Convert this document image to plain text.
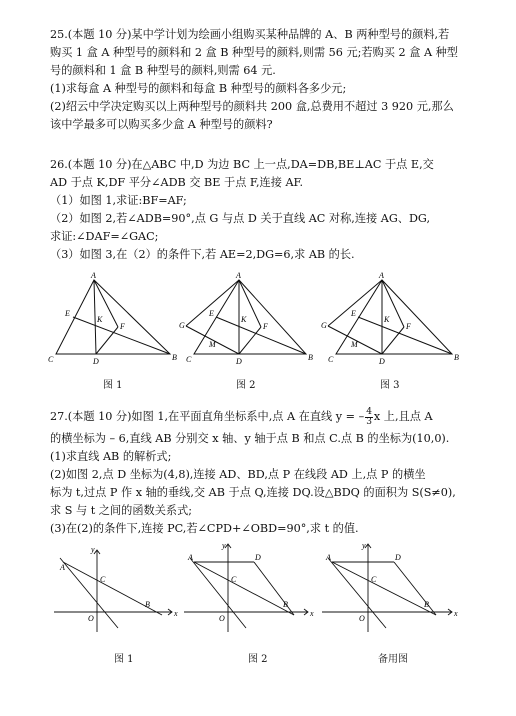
25.(本题 10 分)某中学计划为绘画小组购买某种品牌的 A、B 两种型号的颜料,若
购买 1 盒 A 种型号的颜料和 2 盒 B 种型号的颜料,则需 56 元;若购买 2 盒 A 种型
号的颜料和 1 盒 B 种型号的颜料,则需 64 元.
(1)求每盒 A 种型号的颜料和每盒 B 种型号的颜料各多少元;
(2)绍云中学决定购买以上两种型号的颜料共 200 盒,总费用不超过 3 920 元,那么
该中学最多可以购买多少盒 A 种型号的颜料?
26.(本题 10 分)在△ABC 中,D 为边 BC 上一点,DA=DB,BE⊥AC 于点 E,交
AD 于点 K,DF 平分∠ADB 交 BE 于点 F,连接 AF.
（1）如图 1,求证:BF=AF;
（2）如图 2,若∠ADB=90°,点 G 与点 D 关于直线 AC 对称,连接 AG、DG,
求证:∠DAF=∠GAC;
（3）如图 3,在（2）的条件下,若 AE=2,DG=6,求 AB 的长.
A
C	B
D
E
K
F
图 1
A
G
C	B
D
E
K
F
M
图 2
A
G
C	B
D
E
K
F
M
图 3
27.(本题 10 分)如图 1,在平面直角坐标系中,点 A 在直线 y = – $\frac{4}{3}$ x 上,且点 A
的横坐标为 – 6,直线 AB 分别交 x 轴、y 轴于点 B 和点 C.点 B 的坐标为(10,0).
(1)求直线 AB 的解析式;
(2)如图 2,点 D 坐标为(4,8),连接 AD、BD,点 P 在线段 AD 上,点 P 的横坐
标为 t,过点 P 作 x 轴的垂线,交 AB 于点 Q,连接 DQ.设△BDQ 的面积为 S(S≠0),
求 S 与 t 之间的函数关系式;
(3)在(2)的条件下,连接 PC,若∠CPD+∠OBD=90°,求 t 的值.
y
x
A
C
B
O
图 1
y
x
A	D
C
B
O
图 2
y
x
A	D
C
B
O
备用图
